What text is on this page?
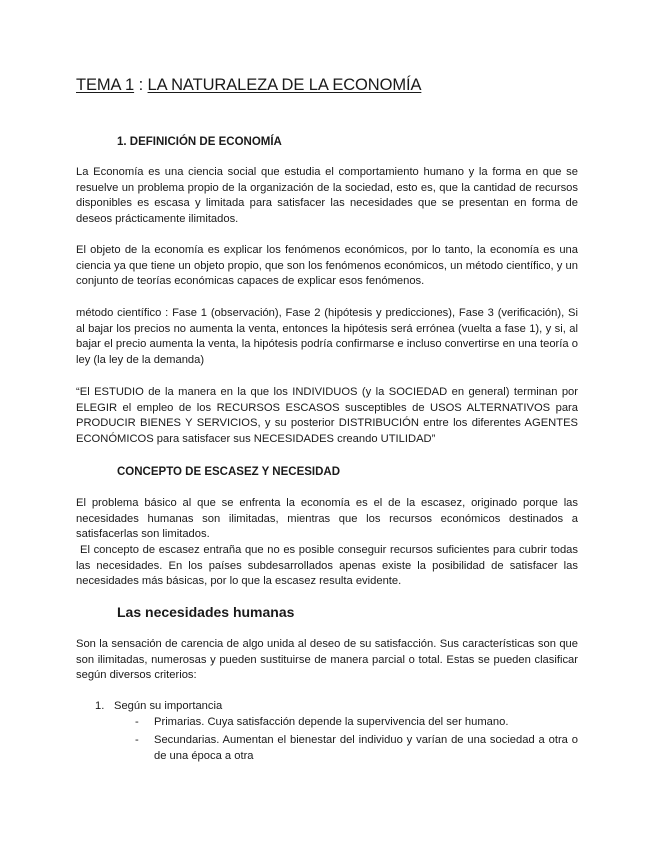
TEMA 1 : LA NATURALEZA DE LA ECONOMÍA
1. DEFINICIÓN DE ECONOMÍA

La Economía es una ciencia social que estudia el comportamiento humano y la forma en que se resuelve un problema propio de la organización de la sociedad, esto es, que la cantidad de recursos disponibles es escasa y limitada para satisfacer las necesidades que se presentan en forma de deseos prácticamente ilimitados.

El objeto de la economía es explicar los fenómenos económicos, por lo tanto, la economía es una ciencia ya que tiene un objeto propio, que son los fenómenos económicos, un método científico, y un conjunto de teorías económicas capaces de explicar esos fenómenos.

método científico : Fase 1 (observación), Fase 2 (hipótesis y predicciones), Fase 3 (verificación), Si al bajar los precios no aumenta la venta, entonces la hipótesis será errónea (vuelta a fase 1), y si, al bajar el precio aumenta la venta, la hipótesis podría confirmarse e incluso convertirse en una teoría o ley (la ley de la demanda)

“El ESTUDIO de la manera en la que los INDIVIDUOS (y la SOCIEDAD en general) terminan por ELEGIR el empleo de los RECURSOS ESCASOS susceptibles de USOS ALTERNATIVOS para PRODUCIR BIENES Y SERVICIOS, y su posterior DISTRIBUCIÓN entre los diferentes AGENTES ECONÓMICOS para satisfacer sus NECESIDADES creando UTILIDAD”

CONCEPTO DE ESCASEZ Y NECESIDAD

El problema básico al que se enfrenta la economía es el de la escasez, originado porque las necesidades humanas son ilimitadas, mientras que los recursos económicos destinados a satisfacerlas son limitados.

El concepto de escasez entraña que no es posible conseguir recursos suficientes para cubrir todas las necesidades. En los países subdesarrollados apenas existe la posibilidad de satisfacer las necesidades más básicas, por lo que la escasez resulta evidente.

Las necesidades humanas

Son la sensación de carencia de algo unida al deseo de su satisfacción. Sus características son que son ilimitadas, numerosas y pueden sustituirse de manera parcial o total. Estas se pueden clasificar según diversos criterios:

1. Según su importancia
- Primarias. Cuya satisfacción depende la supervivencia del ser humano.

- Secundarias. Aumentan el bienestar del individuo y varían de una sociedad a otra o de una época a otra
